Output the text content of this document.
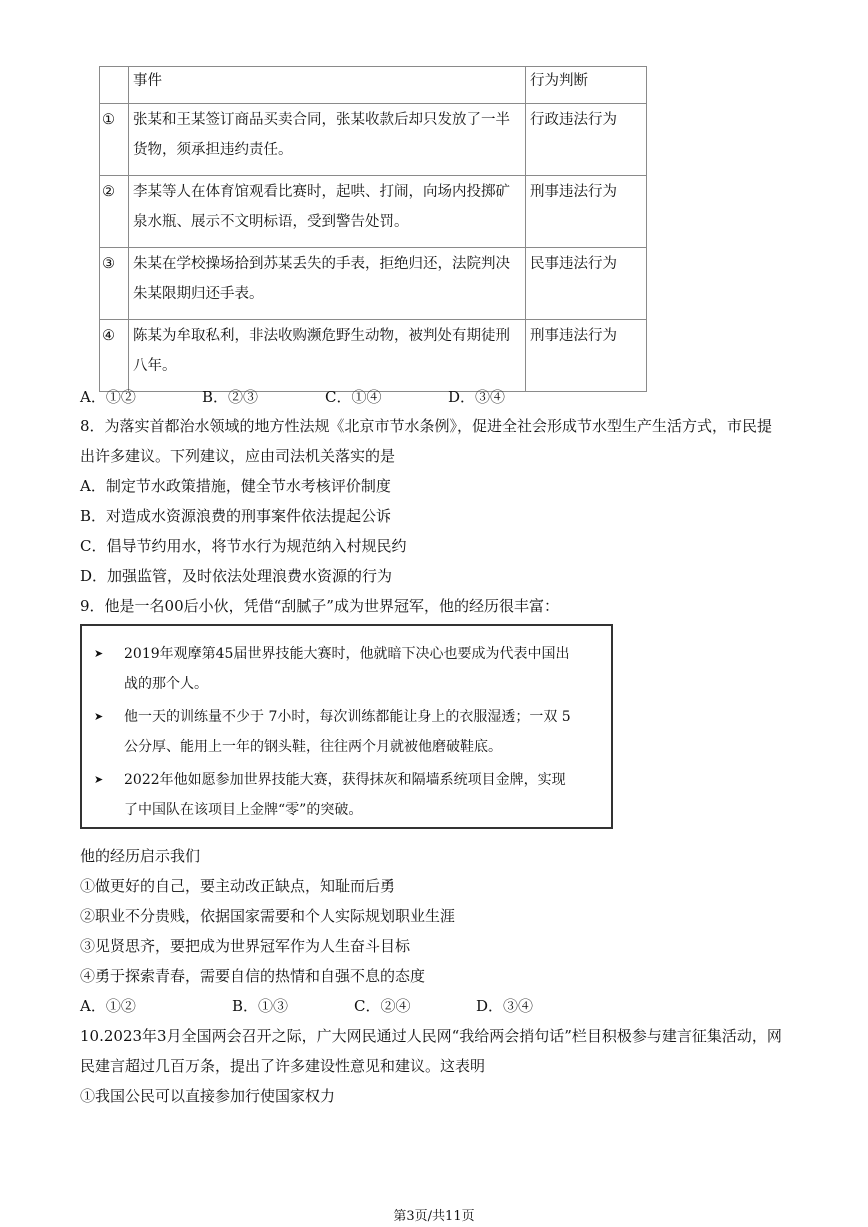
	事件	行为判断
①	张某和王某签订商品买卖合同，张某收款后却只发放了一半货物，须承担违约责任。	行政违法行为
②	李某等人在体育馆观看比赛时，起哄、打闹，向场内投掷矿泉水瓶、展示不文明标语，受到警告处罚。	刑事违法行为
③	朱某在学校操场拾到苏某丢失的手表，拒绝归还，法院判决朱某限期归还手表。	民事违法行为
④	陈某为牟取私利，非法收购濒危野生动物，被判处有期徒刑八年。	刑事违法行为
A．①②	B．②③	C．①④	D．③④
8．为落实首都治水领域的地方性法规《北京市节水条例》，促进全社会形成节水型生产生活方式，市民提
出许多建议。下列建议，应由司法机关落实的是
A．制定节水政策措施，健全节水考核评价制度
B．对造成水资源浪费的刑事案件依法提起公诉
C．倡导节约用水，将节水行为规范纳入村规民约
D．加强监管，及时依法处理浪费水资源的行为
9．他是一名00后小伙，凭借“刮腻子”成为世界冠军，他的经历很丰富：
➤ 2019年观摩第45届世界技能大赛时，他就暗下决心也要成为代表中国出
战的那个人。
➤ 他一天的训练量不少于 7小时，每次训练都能让身上的衣服湿透；一双 5
公分厚、能用上一年的钢头鞋，往往两个月就被他磨破鞋底。
➤ 2022年他如愿参加世界技能大赛，获得抹灰和隔墙系统项目金牌，实现
了中国队在该项目上金牌“零”的突破。
他的经历启示我们
①做更好的自己，要主动改正缺点，知耻而后勇
②职业不分贵贱，依据国家需要和个人实际规划职业生涯
③见贤思齐，要把成为世界冠军作为人生奋斗目标
④勇于探索青春，需要自信的热情和自强不息的态度
A．①②	B．①③	C．②④	D．③④
10.2023年3月全国两会召开之际，广大网民通过人民网“我给两会捎句话”栏目积极参与建言征集活动，网
民建言超过几百万条，提出了许多建设性意见和建议。这表明
①我国公民可以直接参加行使国家权力
第3页/共11页
